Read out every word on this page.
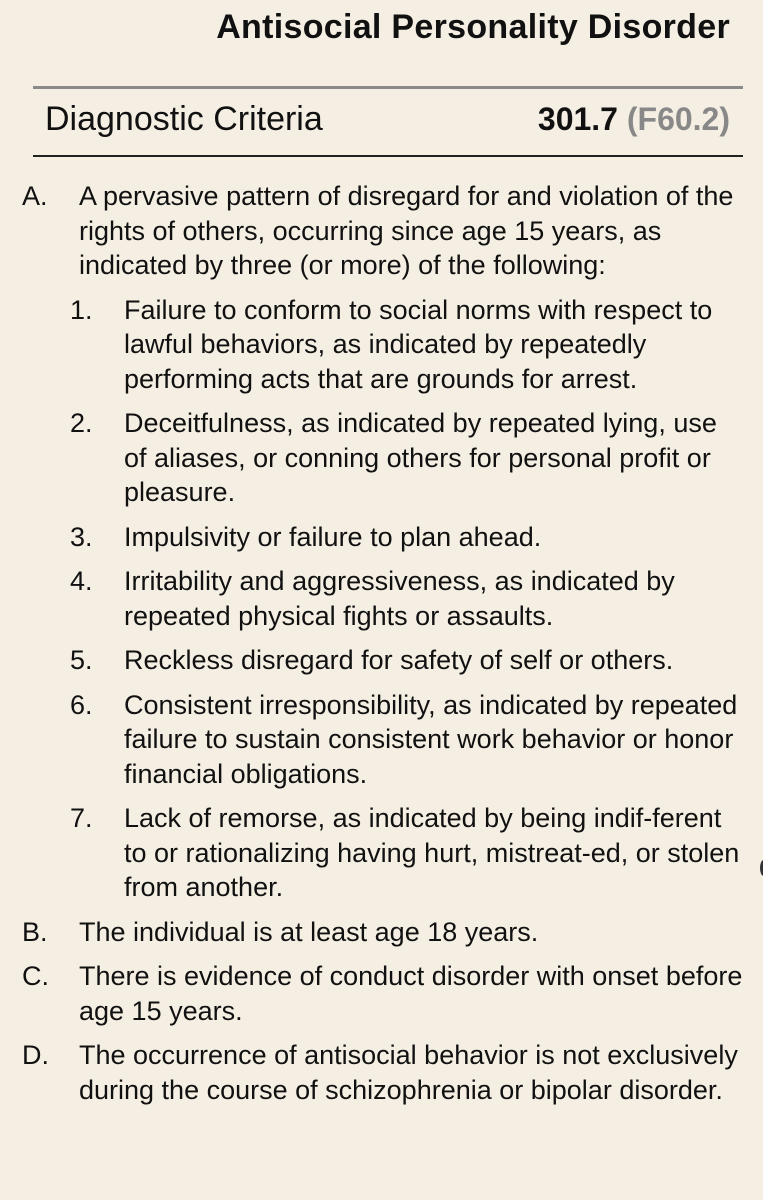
Antisocial Personality Disorder
Diagnostic Criteria	301.7 (F60.2)
A. A pervasive pattern of disregard for and violation of the rights of others, occurring since age 15 years, as indicated by three (or more) of the following:
1. Failure to conform to social norms with respect to lawful behaviors, as indicated by repeatedly performing acts that are grounds for arrest.
2. Deceitfulness, as indicated by repeated lying, use of aliases, or conning others for personal profit or pleasure.
3. Impulsivity or failure to plan ahead.
4. Irritability and aggressiveness, as indicated by repeated physical fights or assaults.
5. Reckless disregard for safety of self or others.
6. Consistent irresponsibility, as indicated by repeated failure to sustain consistent work behavior or honor financial obligations.
7. Lack of remorse, as indicated by being indif-ferent to or rationalizing having hurt, mistreat-ed, or stolen from another.
B. The individual is at least age 18 years.
C. There is evidence of conduct disorder with onset before age 15 years.
D. The occurrence of antisocial behavior is not exclusively during the course of schizophrenia or bipolar disorder.
